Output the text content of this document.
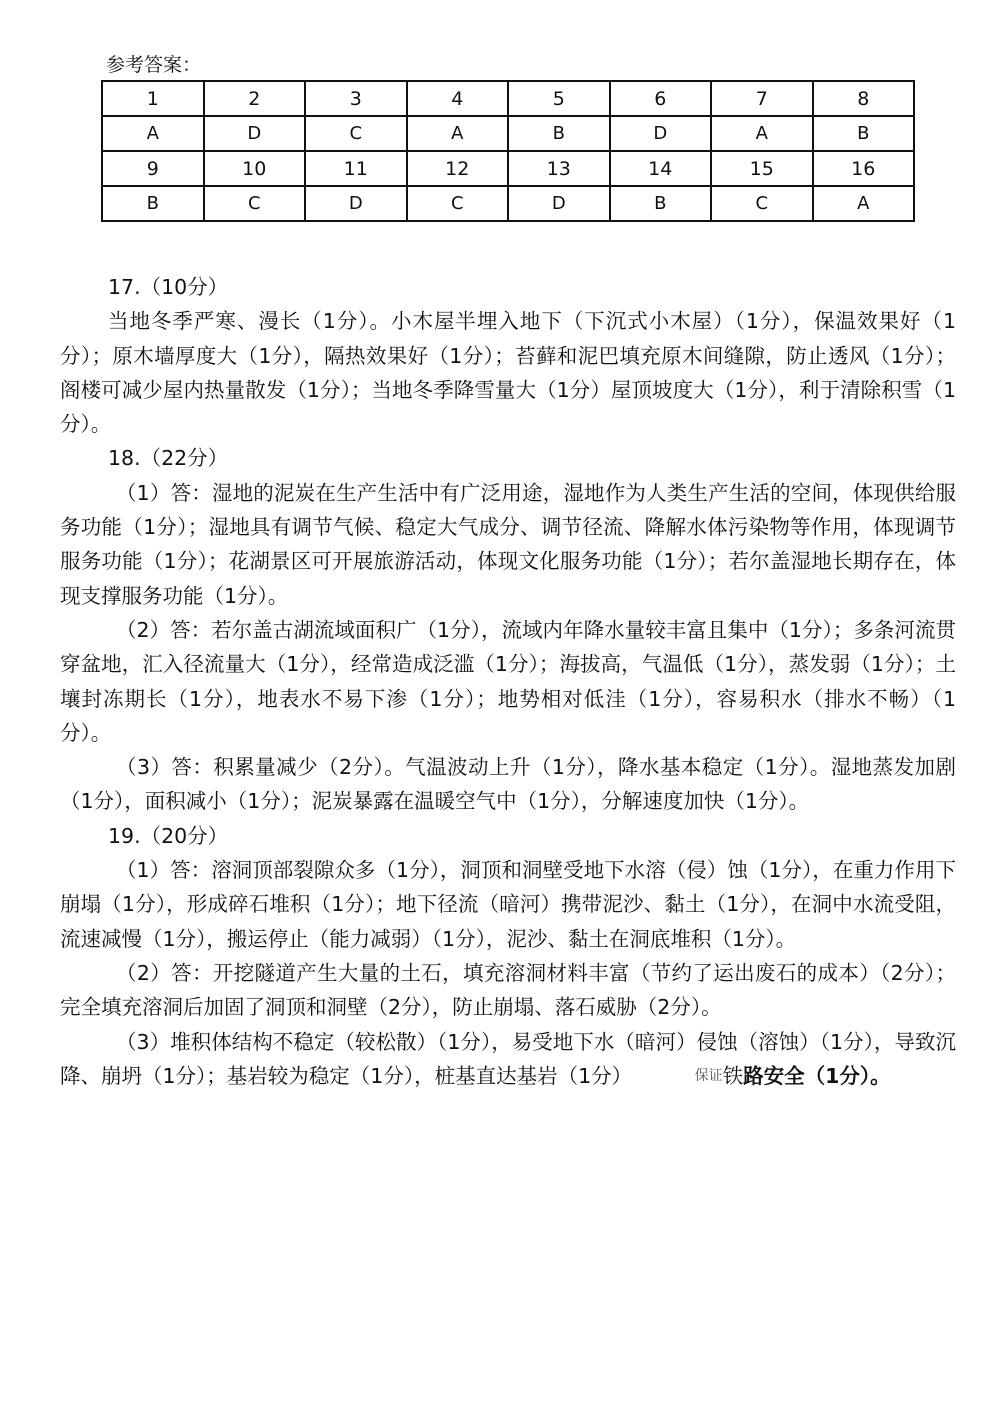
参考答案：
1	2	3	4	5	6	7	8
A	D	C	A	B	D	A	B
9	10	11	12	13	14	15	16
B	C	D	C	D	B	C	A

17.（10分）

当地冬季严寒、漫长（1分）。小木屋半埋入地下（下沉式小木屋）（1分），保温效果好（1分）；原木墙厚度大（1分），隔热效果好（1分）；苔藓和泥巴填充原木间缝隙，防止透风（1分）；阁楼可减少屋内热量散发（1分）；当地冬季降雪量大（1分）屋顶坡度大（1分），利于清除积雪（1分）。

18.（22分）

（1）答：湿地的泥炭在生产生活中有广泛用途，湿地作为人类生产生活的空间，体现供给服务功能（1分）；湿地具有调节气候、稳定大气成分、调节径流、降解水体污染物等作用，体现调节服务功能（1分）；花湖景区可开展旅游活动，体现文化服务功能（1分）；若尔盖湿地长期存在，体现支撑服务功能（1分）。

（2）答：若尔盖古湖流域面积广（1分），流域内年降水量较丰富且集中（1分）；多条河流贯穿盆地，汇入径流量大（1分），经常造成泛滥（1分）；海拔高，气温低（1分），蒸发弱（1分）；土壤封冻期长（1分），地表水不易下渗（1分）；地势相对低洼（1分），容易积水（排水不畅）（1分）。

（3）答：积累量减少（2分）。气温波动上升（1分），降水基本稳定（1分）。湿地蒸发加剧（1分），面积减小（1分）；泥炭暴露在温暖空气中（1分），分解速度加快（1分）。

19.（20分）

（1）答：溶洞顶部裂隙众多（1分），洞顶和洞壁受地下水溶（侵）蚀（1分），在重力作用下崩塌（1分），形成碎石堆积（1分）；地下径流（暗河）携带泥沙、黏土（1分），在洞中水流受阻，流速减慢（1分），搬运停止（能力减弱）（1分），泥沙、黏土在洞底堆积（1分）。

（2）答：开挖隧道产生大量的土石，填充溶洞材料丰富（节约了运出废石的成本）（2分）；完全填充溶洞后加固了洞顶和洞壁（2分），防止崩塌、落石威胁（2分）。

（3）堆积体结构不稳定（较松散）（1分），易受地下水（暗河）侵蚀（溶蚀）（1分），导致沉降、崩坍（1分）；基岩较为稳定（1分），桩基直达基岩（1分）	保证铁路安全（1分）。
